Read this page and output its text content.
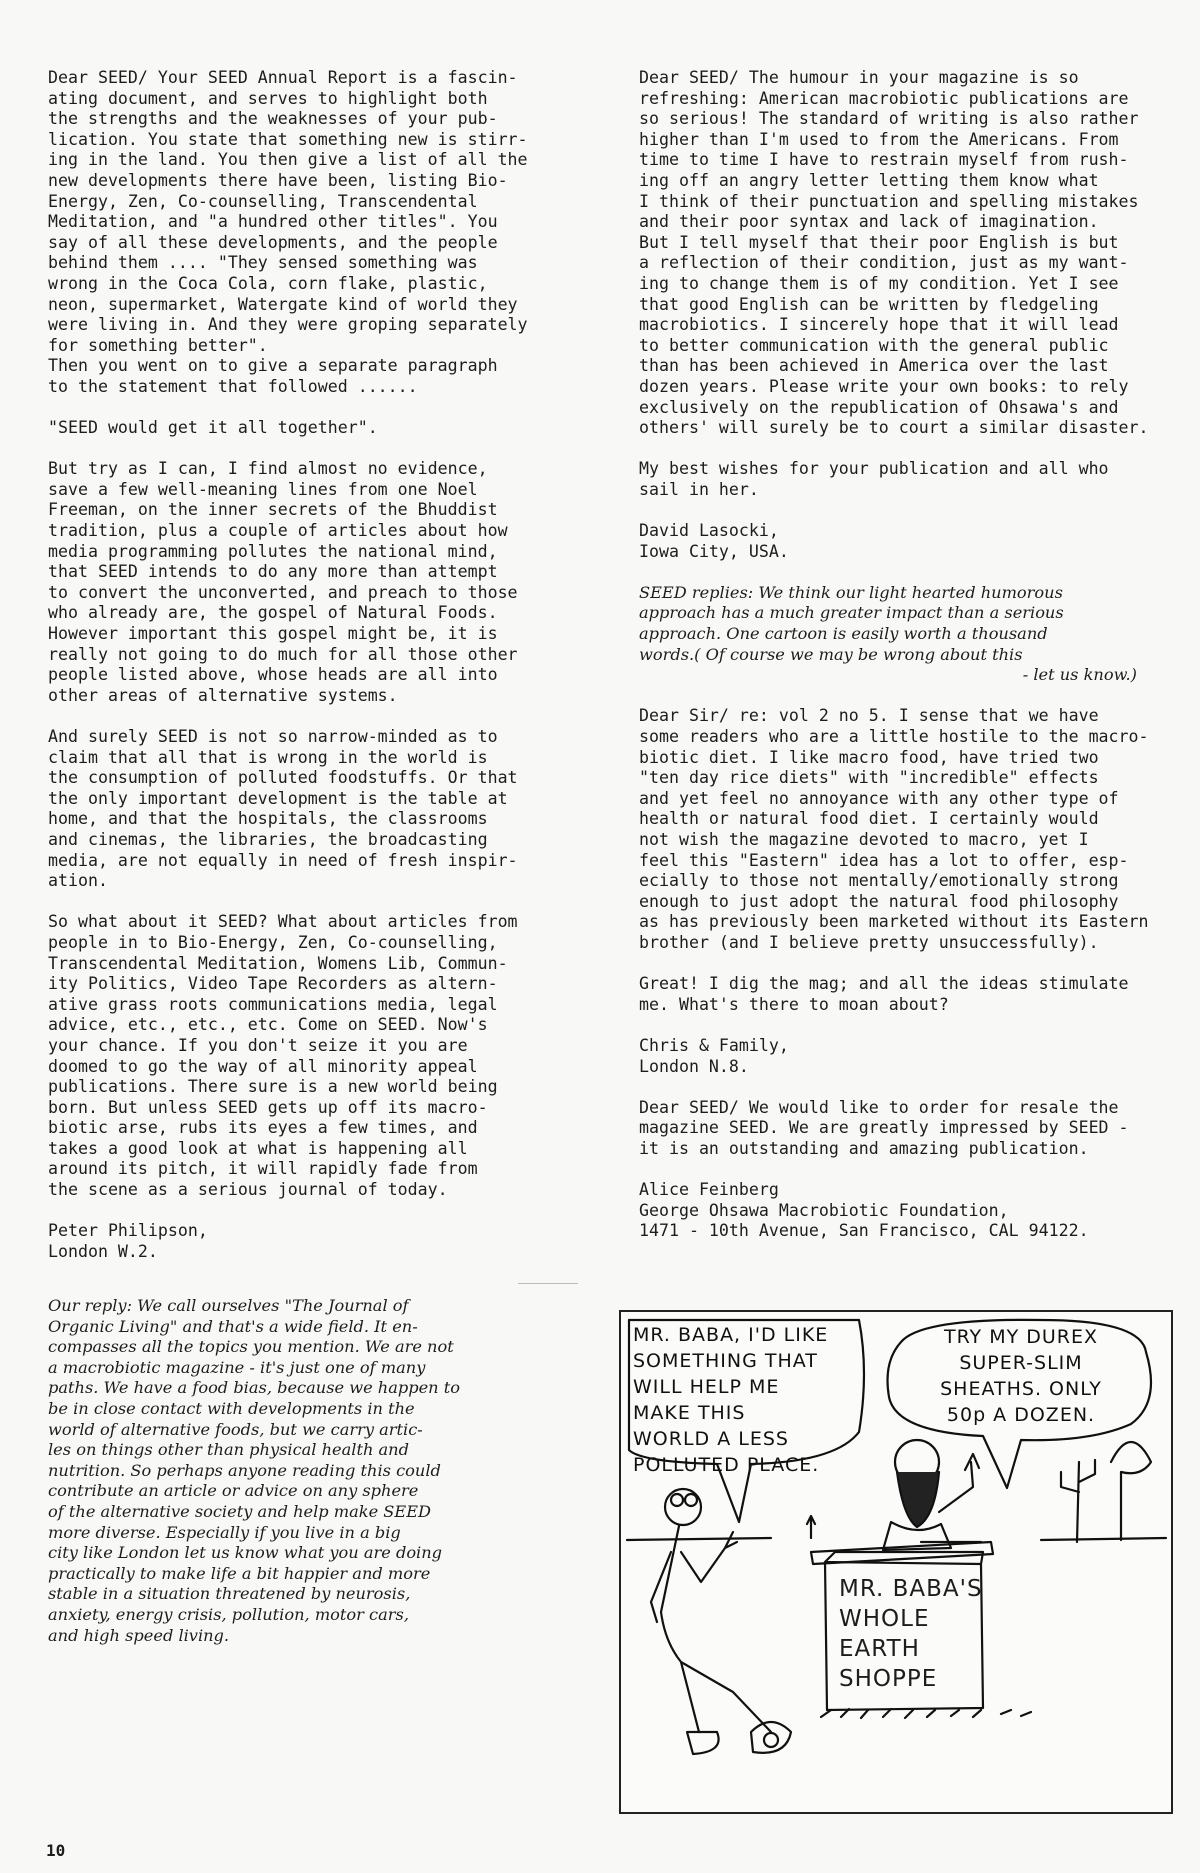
Dear SEED/ Your SEED Annual Report is a fascin-
ating document, and serves to highlight both
the strengths and the weaknesses of your pub-
lication. You state that something new is stirr-
ing in the land. You then give a list of all the
new developments there have been, listing Bio-
Energy, Zen, Co-counselling, Transcendental
Meditation, and "a hundred other titles". You
say of all these developments, and the people
behind them .... "They sensed something was
wrong in the Coca Cola, corn flake, plastic,
neon, supermarket, Watergate kind of world they
were living in. And they were groping separately
for something better".
Then you went on to give a separate paragraph
to the statement that followed ......

"SEED would get it all together".

But try as I can, I find almost no evidence,
save a few well-meaning lines from one Noel
Freeman, on the inner secrets of the Bhuddist
tradition, plus a couple of articles about how
media programming pollutes the national mind,
that SEED intends to do any more than attempt
to convert the unconverted, and preach to those
who already are, the gospel of Natural Foods.
However important this gospel might be, it is
really not going to do much for all those other
people listed above, whose heads are all into
other areas of alternative systems.

And surely SEED is not so narrow-minded as to
claim that all that is wrong in the world is
the consumption of polluted foodstuffs. Or that
the only important development is the table at
home, and that the hospitals, the classrooms
and cinemas, the libraries, the broadcasting
media, are not equally in need of fresh inspir-
ation.

So what about it SEED? What about articles from
people in to Bio-Energy, Zen, Co-counselling,
Transcendental Meditation, Womens Lib, Commun-
ity Politics, Video Tape Recorders as altern-
ative grass roots communications media, legal
advice, etc., etc., etc. Come on SEED. Now's
your chance. If you don't seize it you are
doomed to go the way of all minority appeal
publications. There sure is a new world being
born. But unless SEED gets up off its macro-
biotic arse, rubs its eyes a few times, and
takes a good look at what is happening all
around its pitch, it will rapidly fade from
the scene as a serious journal of today.

Peter Philipson,
London W.2.

Our reply: We call ourselves "The Journal of
Organic Living" and that's a wide field. It en-
compasses all the topics you mention. We are not
a macrobiotic magazine - it's just one of many
paths. We have a food bias, because we happen to
be in close contact with developments in the
world of alternative foods, but we carry artic-
les on things other than physical health and
nutrition. So perhaps anyone reading this could
contribute an article or advice on any sphere
of the alternative society and help make SEED
more diverse. Especially if you live in a big
city like London let us know what you are doing
practically to make life a bit happier and more
stable in a situation threatened by neurosis,
anxiety, energy crisis, pollution, motor cars,
and high speed living.

Dear SEED/ The humour in your magazine is so
refreshing: American macrobiotic publications are
so serious! The standard of writing is also rather
higher than I'm used to from the Americans. From
time to time I have to restrain myself from rush-
ing off an angry letter letting them know what
I think of their punctuation and spelling mistakes
and their poor syntax and lack of imagination.
But I tell myself that their poor English is but
a reflection of their condition, just as my want-
ing to change them is of my condition. Yet I see
that good English can be written by fledgeling
macrobiotics. I sincerely hope that it will lead
to better communication with the general public
than has been achieved in America over the last
dozen years. Please write your own books: to rely
exclusively on the republication of Ohsawa's and
others' will surely be to court a similar disaster.

My best wishes for your publication and all who
sail in her.

David Lasocki,
Iowa City, USA.

SEED replies: We think our light hearted humorous
approach has a much greater impact than a serious
approach. One cartoon is easily worth a thousand
words.( Of course we may be wrong about this
- let us know.)

Dear Sir/ re: vol 2 no 5. I sense that we have
some readers who are a little hostile to the macro-
biotic diet. I like macro food, have tried two
"ten day rice diets" with "incredible" effects
and yet feel no annoyance with any other type of
health or natural food diet. I certainly would
not wish the magazine devoted to macro, yet I
feel this "Eastern" idea has a lot to offer, esp-
ecially to those not mentally/emotionally strong
enough to just adopt the natural food philosophy
as has previously been marketed without its Eastern
brother (and I believe pretty unsuccessfully).

Great! I dig the mag; and all the ideas stimulate
me. What's there to moan about?

Chris & Family,
London N.8.

Dear SEED/ We would like to order for resale the
magazine SEED. We are greatly impressed by SEED -
it is an outstanding and amazing publication.

Alice Feinberg
George Ohsawa Macrobiotic Foundation,
1471 - 10th Avenue, San Francisco, CAL 94122.

MR. BABA, I'D LIKE
SOMETHING THAT
WILL HELP ME
MAKE THIS
WORLD A LESS
POLLUTED PLACE.
TRY MY DUREX
SUPER-SLIM
SHEATHS. ONLY
50p A DOZEN.
MR. BABA'S
WHOLE
EARTH
SHOPPE
10
